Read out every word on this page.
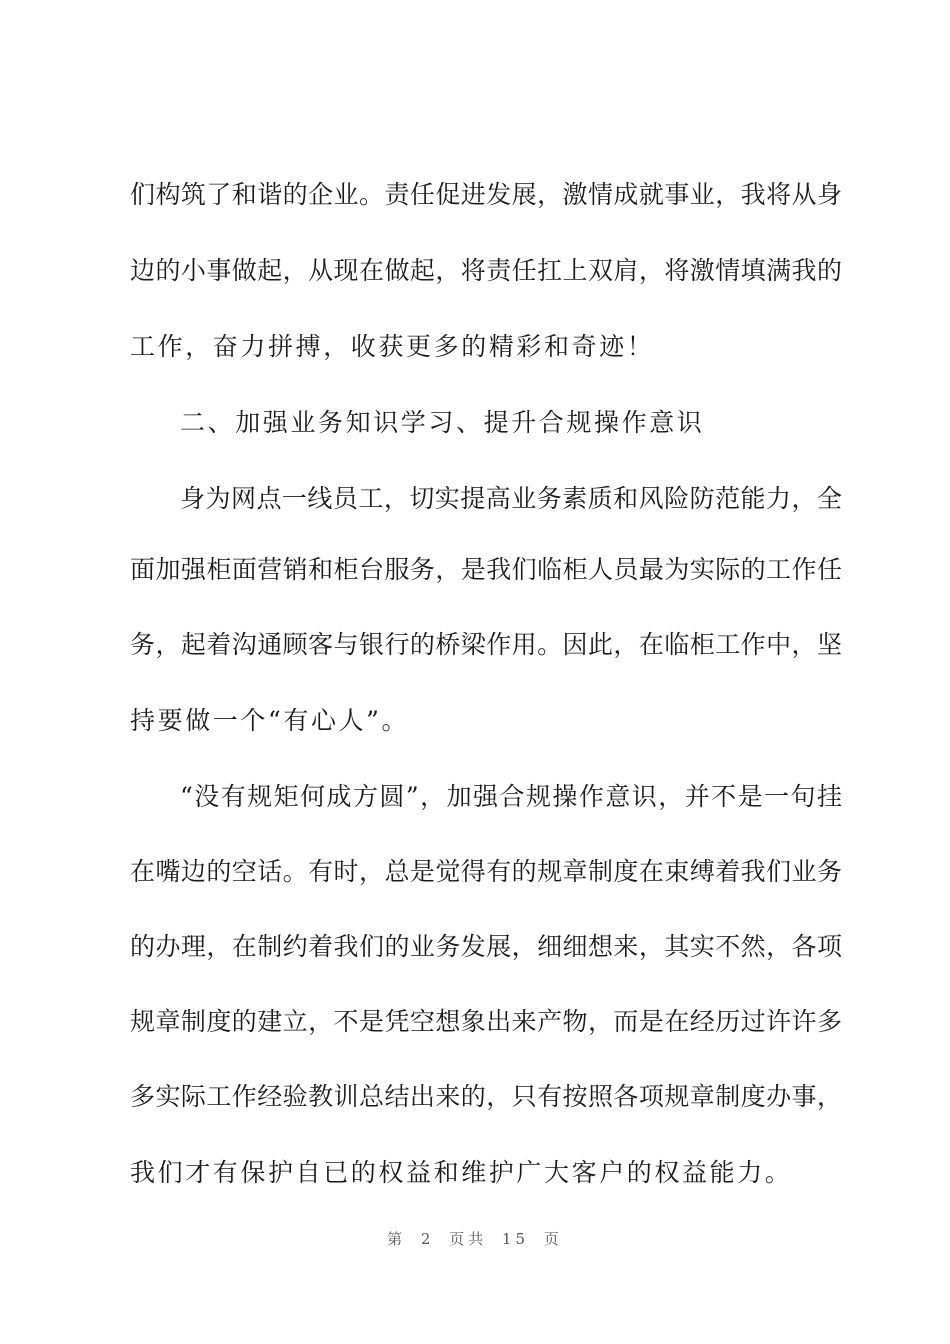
们构筑了和谐的企业。责任促进发展，激情成就事业，我将从身
边的小事做起，从现在做起，将责任扛上双肩，将激情填满我的
工作，奋力拼搏，收获更多的精彩和奇迹！
二、加强业务知识学习、提升合规操作意识
身为网点一线员工，切实提高业务素质和风险防范能力，全
面加强柜面营销和柜台服务，是我们临柜人员最为实际的工作任
务，起着沟通顾客与银行的桥梁作用。因此，在临柜工作中，坚
持要做一个“有心人”。
“没有规矩何成方圆”，加强合规操作意识，并不是一句挂
在嘴边的空话。有时，总是觉得有的规章制度在束缚着我们业务
的办理，在制约着我们的业务发展，细细想来，其实不然，各项
规章制度的建立，不是凭空想象出来产物，而是在经历过许许多
多实际工作经验教训总结出来的，只有按照各项规章制度办事，
我们才有保护自已的权益和维护广大客户的权益能力。
第 2 页共 15 页
